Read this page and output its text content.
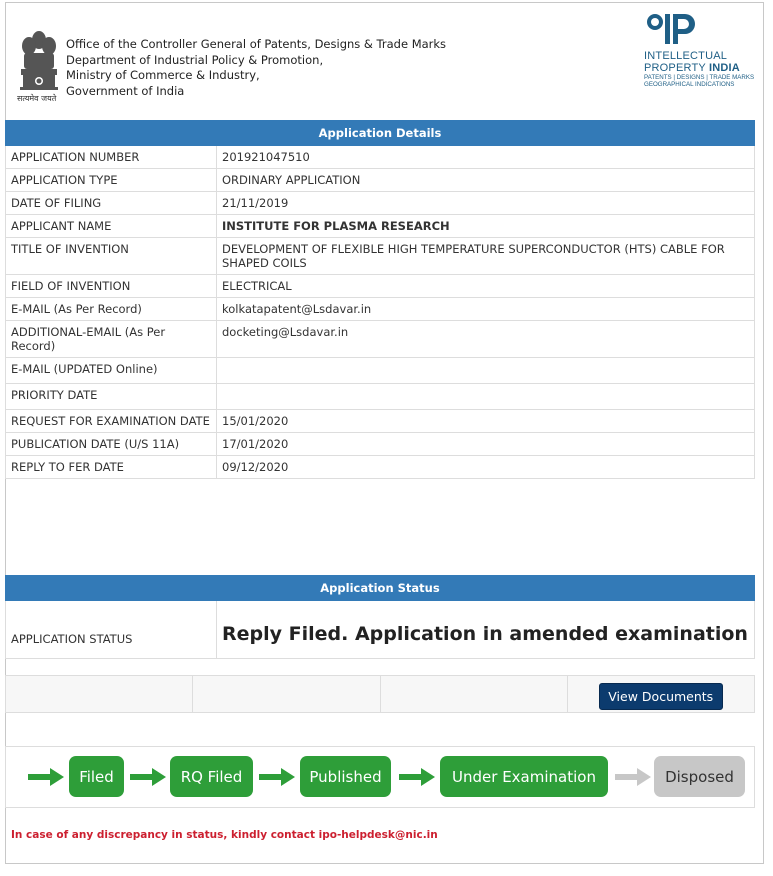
सत्यमेव जयते
Office of the Controller General of Patents, Designs & Trade Marks
Department of Industrial Policy & Promotion,
Ministry of Commerce & Industry,
Government of India
INTELLECTUAL
PROPERTY INDIA
PATENTS | DESIGNS | TRADE MARKS
GEOGRAPHICAL INDICATIONS
Application Details	
APPLICATION NUMBER	201921047510
APPLICATION TYPE	ORDINARY APPLICATION
DATE OF FILING	21/11/2019
APPLICANT NAME	INSTITUTE FOR PLASMA RESEARCH
TITLE OF INVENTION	DEVELOPMENT OF FLEXIBLE HIGH TEMPERATURE SUPERCONDUCTOR (HTS) CABLE FOR SHAPED COILS
FIELD OF INVENTION	ELECTRICAL
E-MAIL (As Per Record)	kolkatapatent@Lsdavar.in
ADDITIONAL-EMAIL (As Per Record)	docketing@Lsdavar.in
E-MAIL (UPDATED Online)	
PRIORITY DATE	
REQUEST FOR EXAMINATION DATE	15/01/2020
PUBLICATION DATE (U/S 11A)	17/01/2020
REPLY TO FER DATE	09/12/2020
Application Status
APPLICATION STATUS	Reply Filed. Application in amended examination
View Documents
Filed	RQ Filed	Published	Under Examination	Disposed
In case of any discrepancy in status, kindly contact ipo-helpdesk@nic.in
